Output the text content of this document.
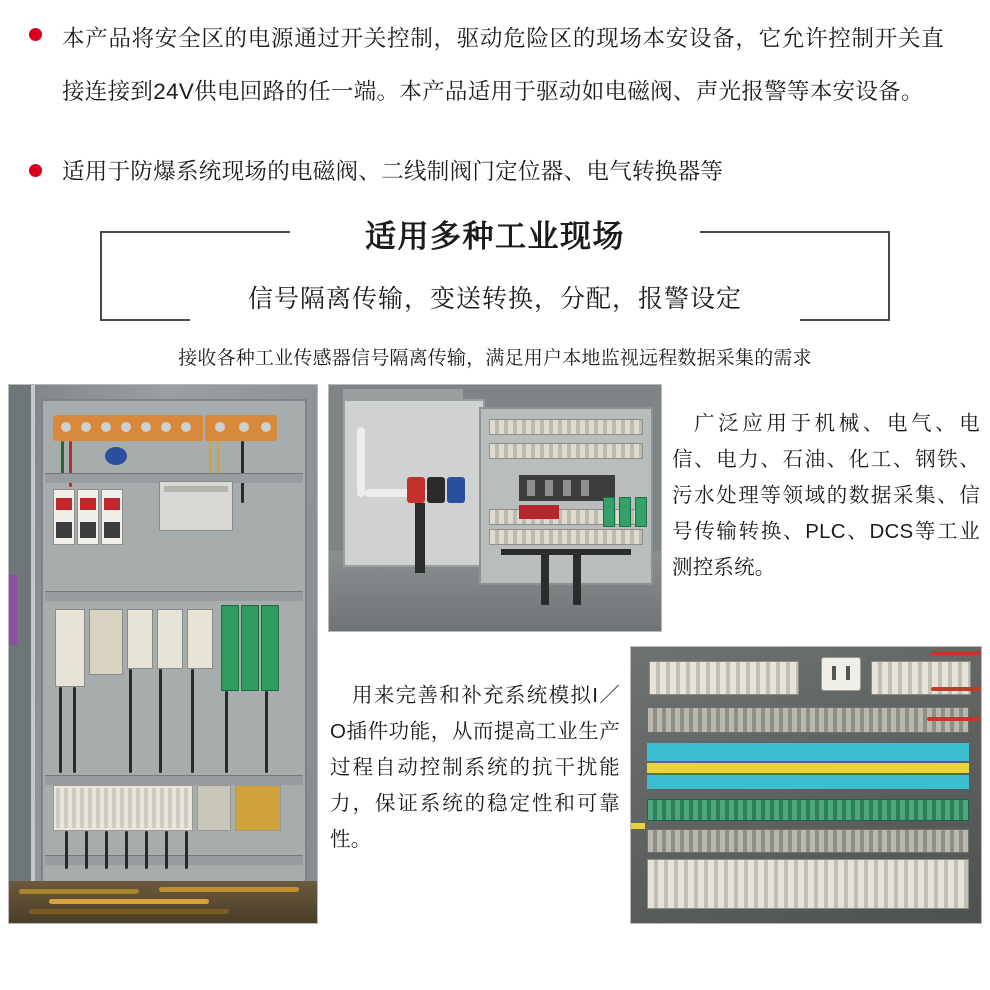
本产品将安全区的电源通过开关控制，驱动危险区的现场本安设备，它允许控制开关直接连接到24V供电回路的任一端。本产品适用于驱动如电磁阀、声光报警等本安设备。
适用于防爆系统现场的电磁阀、二线制阀门定位器、电气转换器等
适用多种工业现场
信号隔离传输，变送转换，分配，报警设定
接收各种工业传感器信号隔离传输，满足用户本地监视远程数据采集的需求
广泛应用于机械、电气、电信、电力、石油、化工、钢铁、污水处理等领域的数据采集、信号传输转换、PLC、DCS等工业测控系统。
用来完善和补充系统模拟I／O插件功能，从而提高工业生产过程自动控制系统的抗干扰能力，保证系统的稳定性和可靠性。
